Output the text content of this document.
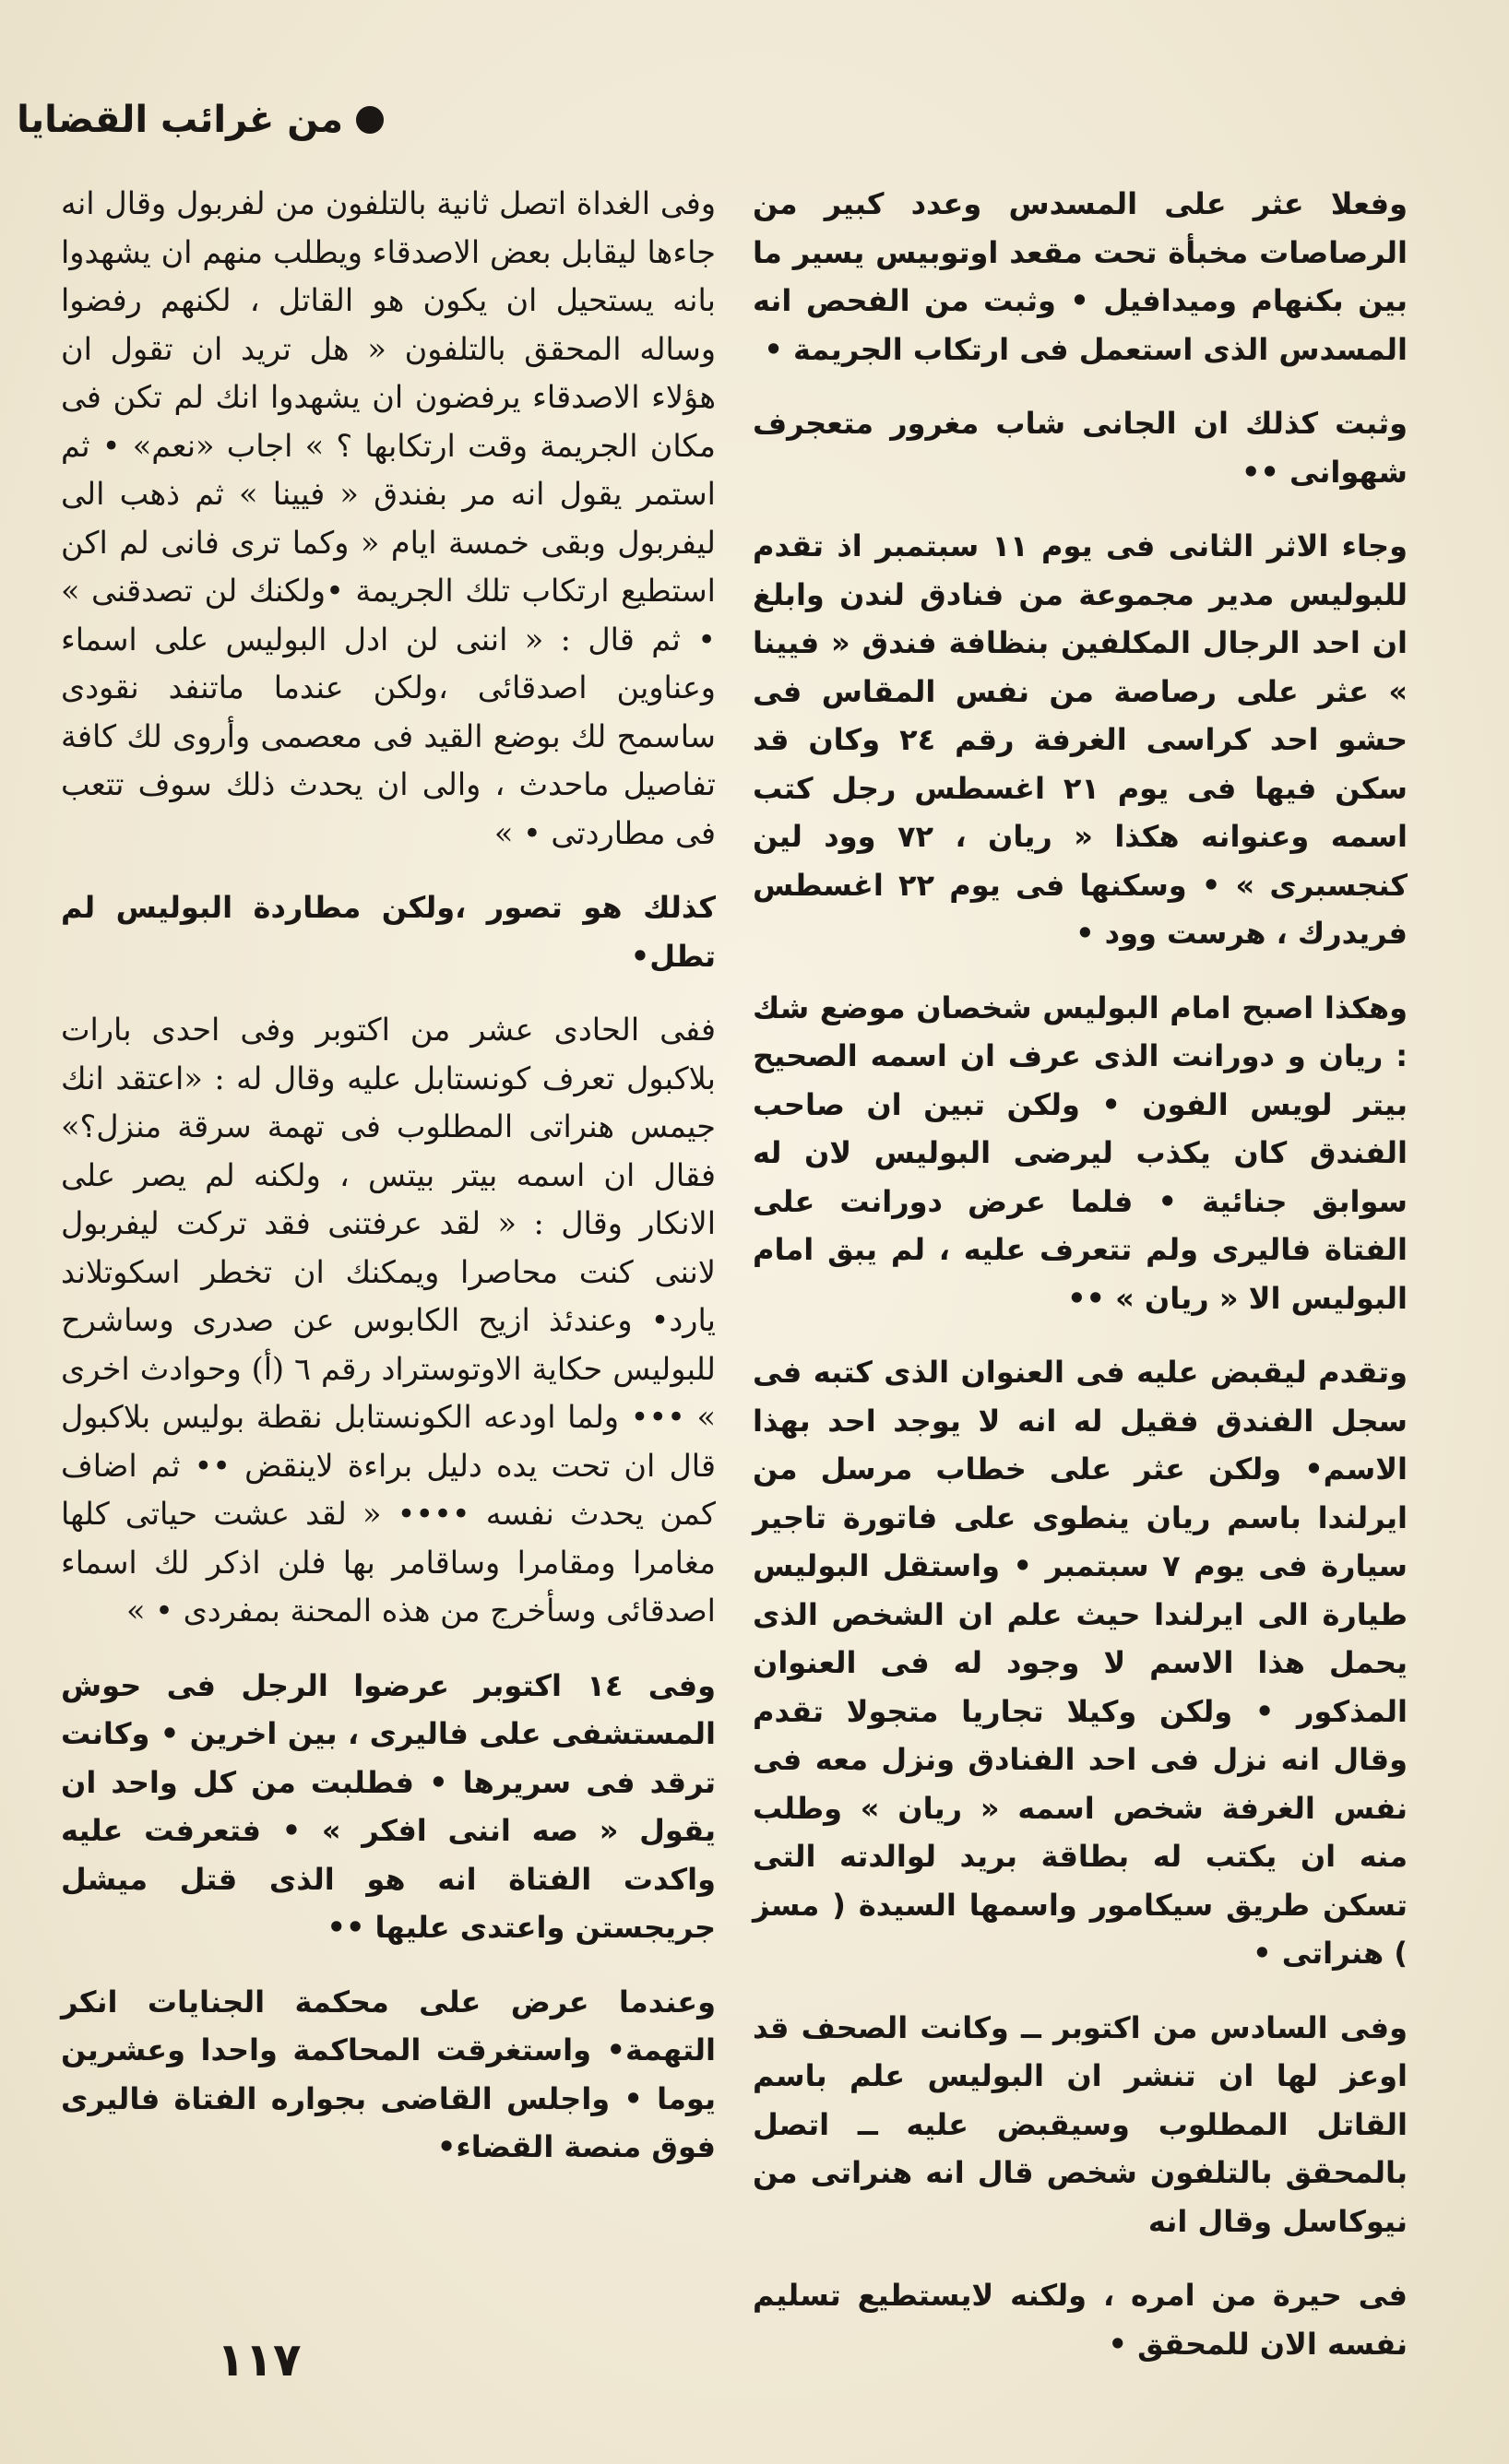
من غرائب القضايا

وفعلا عثر على المسدس وعدد كبير من الرصاصات مخبأة تحت مقعد اوتوبيس يسير ما بين بكنهام وميدافيل • وثبت من الفحص انه المسدس الذى استعمل فى ارتكاب الجريمة •

وثبت كذلك ان الجانى شاب مغرور متعجرف شهوانى ••

وجاء الاثر الثانى فى يوم ١١ سبتمبر اذ تقدم للبوليس مدير مجموعة من فنادق لندن وابلغ ان احد الرجال المكلفين بنظافة فندق « فيينا » عثر على رصاصة من نفس المقاس فى حشو احد كراسى الغرفة رقم ٢٤ وكان قد سكن فيها فى يوم ٢١ اغسطس رجل كتب اسمه وعنوانه هكذا « ريان ، ٧٢ وود لين كنجسبرى » • وسكنها فى يوم ٢٢ اغسطس فريدرك ، هرست وود •

وهكذا اصبح امام البوليس شخصان موضع شك : ريان و دورانت الذى عرف ان اسمه الصحيح بيتر لويس الفون • ولكن تبين ان صاحب الفندق كان يكذب ليرضى البوليس لان له سوابق جنائية • فلما عرض دورانت على الفتاة فاليرى ولم تتعرف عليه ، لم يبق امام البوليس الا « ريان » ••

وتقدم ليقبض عليه فى العنوان الذى كتبه فى سجل الفندق فقيل له انه لا يوجد احد بهذا الاسم• ولكن عثر على خطاب مرسل من ايرلندا باسم ريان ينطوى على فاتورة تاجير سيارة فى يوم ٧ سبتمبر • واستقل البوليس طيارة الى ايرلندا حيث علم ان الشخص الذى يحمل هذا الاسم لا وجود له فى العنوان المذكور • ولكن وكيلا تجاريا متجولا تقدم وقال انه نزل فى احد الفنادق ونزل معه فى نفس الغرفة شخص اسمه « ريان » وطلب منه ان يكتب له بطاقة بريد لوالدته التى تسكن طريق سيكامور واسمها السيدة ( مسز ) هنراتى •

وفى السادس من اكتوبر ــ وكانت الصحف قد اوعز لها ان تنشر ان البوليس علم باسم القاتل المطلوب وسيقبض عليه ــ اتصل بالمحقق بالتلفون شخص قال انه هنراتى من نيوكاسل وقال انه

فى حيرة من امره ، ولكنه لايستطيع تسليم نفسه الان للمحقق •

وفى الغداة اتصل ثانية بالتلفون من لفربول وقال انه جاءها ليقابل بعض الاصدقاء ويطلب منهم ان يشهدوا بانه يستحيل ان يكون هو القاتل ، لكنهم رفضوا وساله المحقق بالتلفون « هل تريد ان تقول ان هؤلاء الاصدقاء يرفضون ان يشهدوا انك لم تكن فى مكان الجريمة وقت ارتكابها ؟ » اجاب «نعم» • ثم استمر يقول انه مر بفندق « فيينا » ثم ذهب الى ليفربول وبقى خمسة ايام « وكما ترى فانى لم اكن استطيع ارتكاب تلك الجريمة •ولكنك لن تصدقنى » • ثم قال : « اننى لن ادل البوليس على اسماء وعناوين اصدقائى ،ولكن عندما ماتنفد نقودى ساسمح لك بوضع القيد فى معصمى وأروى لك كافة تفاصيل ماحدث ، والى ان يحدث ذلك سوف تتعب فى مطاردتى • »

كذلك هو تصور ،ولكن مطاردة البوليس لم تطل•

ففى الحادى عشر من اكتوبر وفى احدى بارات بلاكبول تعرف كونستابل عليه وقال له : «اعتقد انك جيمس هنراتى المطلوب فى تهمة سرقة منزل؟» فقال ان اسمه بيتر بيتس ، ولكنه لم يصر على الانكار وقال : « لقد عرفتنى فقد تركت ليفربول لاننى كنت محاصرا ويمكنك ان تخطر اسكوتلاند يارد• وعندئذ ازيح الكابوس عن صدرى وساشرح للبوليس حكاية الاوتوستراد رقم ٦ (أ) وحوادث اخرى » ••• ولما اودعه الكونستابل نقطة بوليس بلاكبول قال ان تحت يده دليل براءة لاينقض •• ثم اضاف كمن يحدث نفسه •••• « لقد عشت حياتى كلها مغامرا ومقامرا وساقامر بها فلن اذكر لك اسماء اصدقائى وسأخرج من هذه المحنة بمفردى • »

وفى ١٤ اكتوبر عرضوا الرجل فى حوش المستشفى على فاليرى ، بين اخرين • وكانت ترقد فى سريرها • فطلبت من كل واحد ان يقول « صه اننى افكر » • فتعرفت عليه واكدت الفتاة انه هو الذى قتل ميشل جريجستن واعتدى عليها ••

وعندما عرض على محكمة الجنايات انكر التهمة• واستغرقت المحاكمة واحدا وعشرين يوما • واجلس القاضى بجواره الفتاة فاليرى فوق منصة القضاء•

١١٧
